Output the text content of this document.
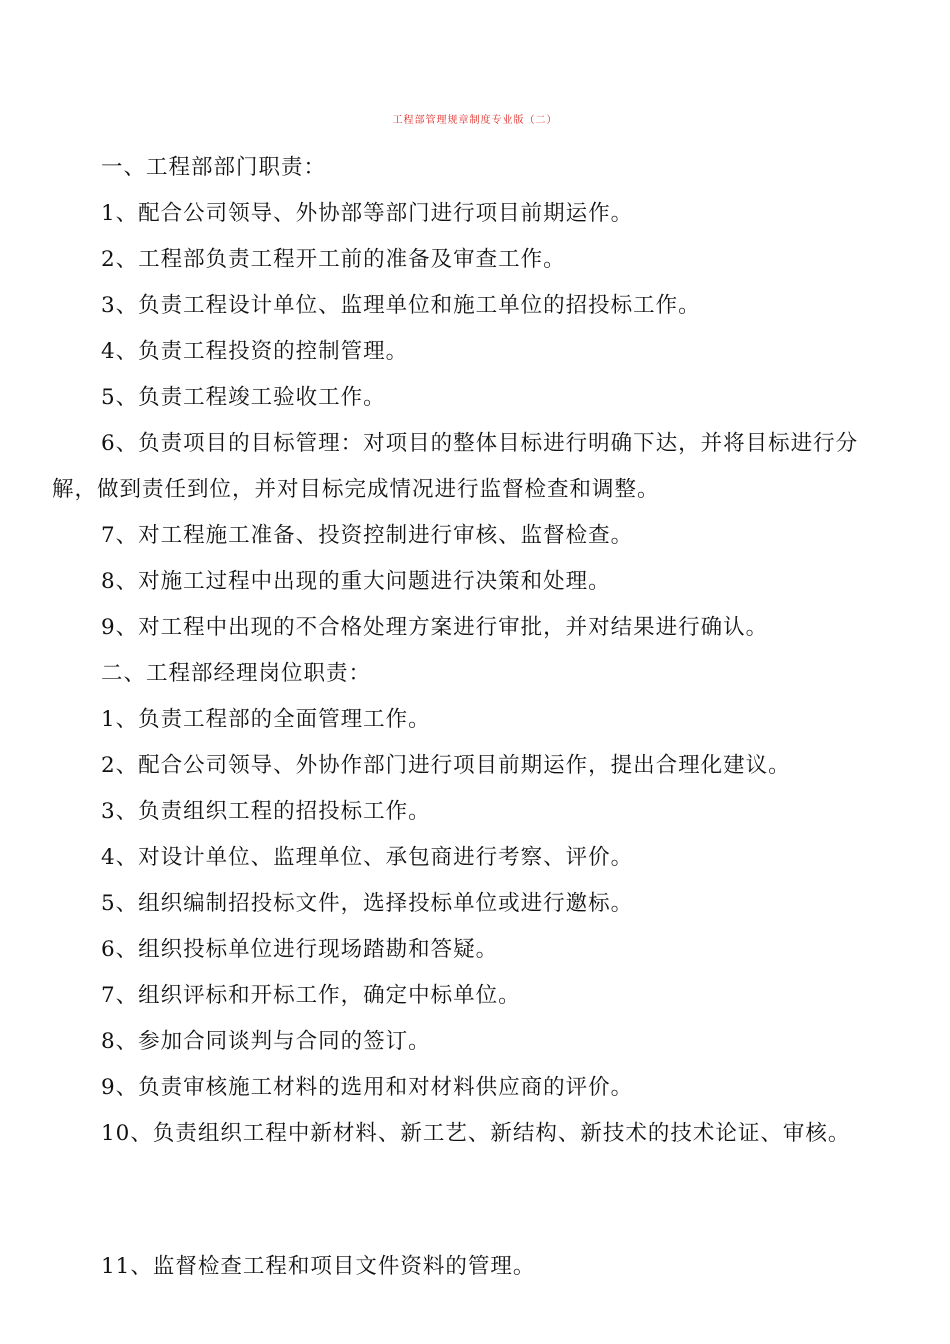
工程部管理规章制度专业版（二）
一、工程部部门职责：
1、配合公司领导、外协部等部门进行项目前期运作。
2、工程部负责工程开工前的准备及审查工作。
3、负责工程设计单位、监理单位和施工单位的招投标工作。
4、负责工程投资的控制管理。
5、负责工程竣工验收工作。
6、负责项目的目标管理：对项目的整体目标进行明确下达，并将目标进行分
解，做到责任到位，并对目标完成情况进行监督检查和调整。
7、对工程施工准备、投资控制进行审核、监督检查。
8、对施工过程中出现的重大问题进行决策和处理。
9、对工程中出现的不合格处理方案进行审批，并对结果进行确认。
二、工程部经理岗位职责：
1、负责工程部的全面管理工作。
2、配合公司领导、外协作部门进行项目前期运作，提出合理化建议。
3、负责组织工程的招投标工作。
4、对设计单位、监理单位、承包商进行考察、评价。
5、组织编制招投标文件，选择投标单位或进行邀标。
6、组织投标单位进行现场踏勘和答疑。
7、组织评标和开标工作，确定中标单位。
8、参加合同谈判与合同的签订。
9、负责审核施工材料的选用和对材料供应商的评价。
10、负责组织工程中新材料、新工艺、新结构、新技术的技术论证、审核。
11、监督检查工程和项目文件资料的管理。
